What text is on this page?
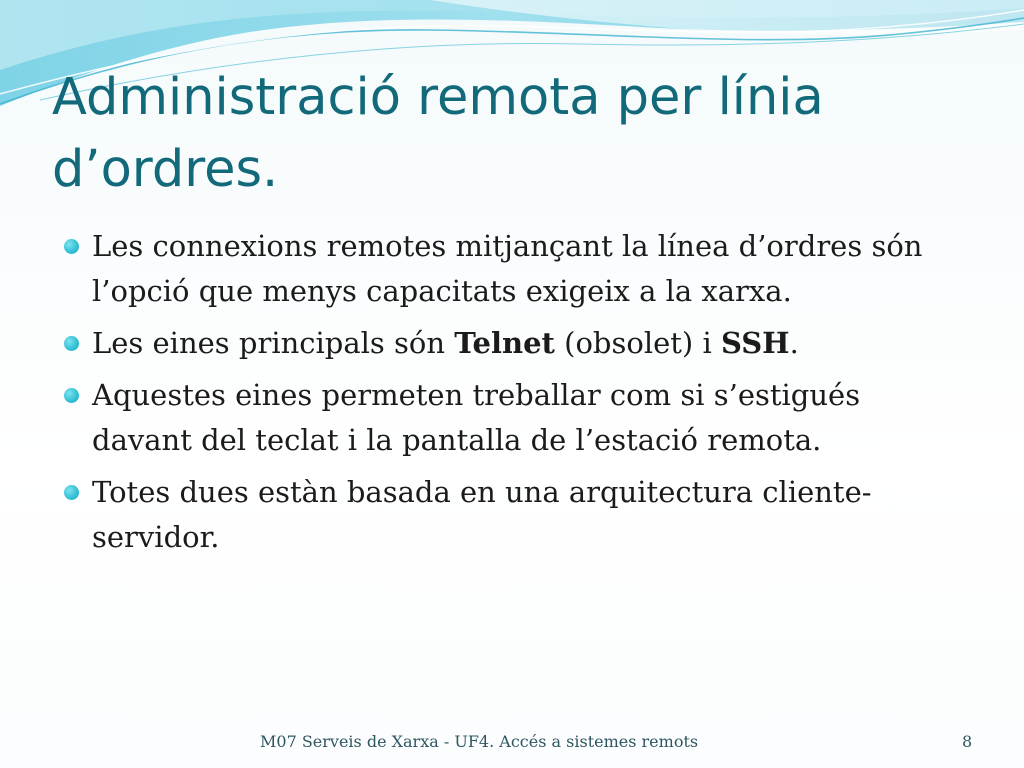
Administració remota per línia d’ordres.
Les connexions remotes mitjançant la línea d’ordres són l’opció que menys capacitats exigeix a la xarxa.
Les eines principals són Telnet (obsolet) i SSH.
Aquestes eines permeten treballar com si s’estigués davant del teclat i la pantalla de l’estació remota.
Totes dues estàn basada en una arquitectura cliente-servidor.
M07 Serveis de Xarxa - UF4. Accés a sistemes remots	8
